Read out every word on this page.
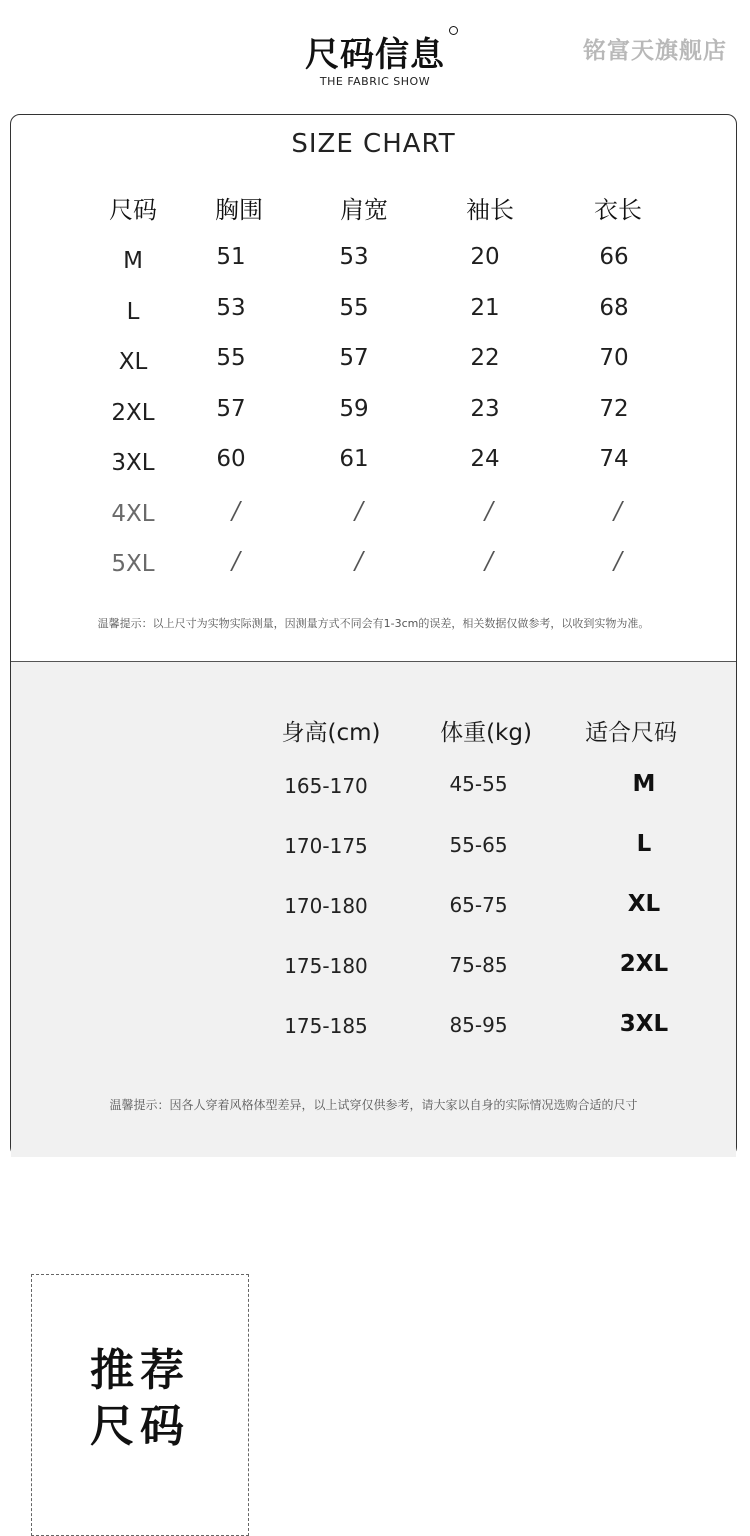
尺码信息
THE FABRIC SHOW
铭富天旗舰店
SIZE CHART
尺码	胸围	肩宽	袖长	衣长
M	51	53	20	66
L	53	55	21	68
XL	55	57	22	70
2XL	57	59	23	72
3XL	60	61	24	74
4XL	/	/	/	/
5XL	/	/	/	/
温馨提示：以上尺寸为实物实际测量，因测量方式不同会有1-3cm的误差，相关数据仅做参考，以收到实物为准。
推荐
尺码
身高(cm)	体重(kg)	适合尺码
165-170	45-55	M
170-175	55-65	L
170-180	65-75	XL
175-180	75-85	2XL
175-185	85-95	3XL
温馨提示：因各人穿着风格体型差异，以上试穿仅供参考，请大家以自身的实际情况选购合适的尺寸
